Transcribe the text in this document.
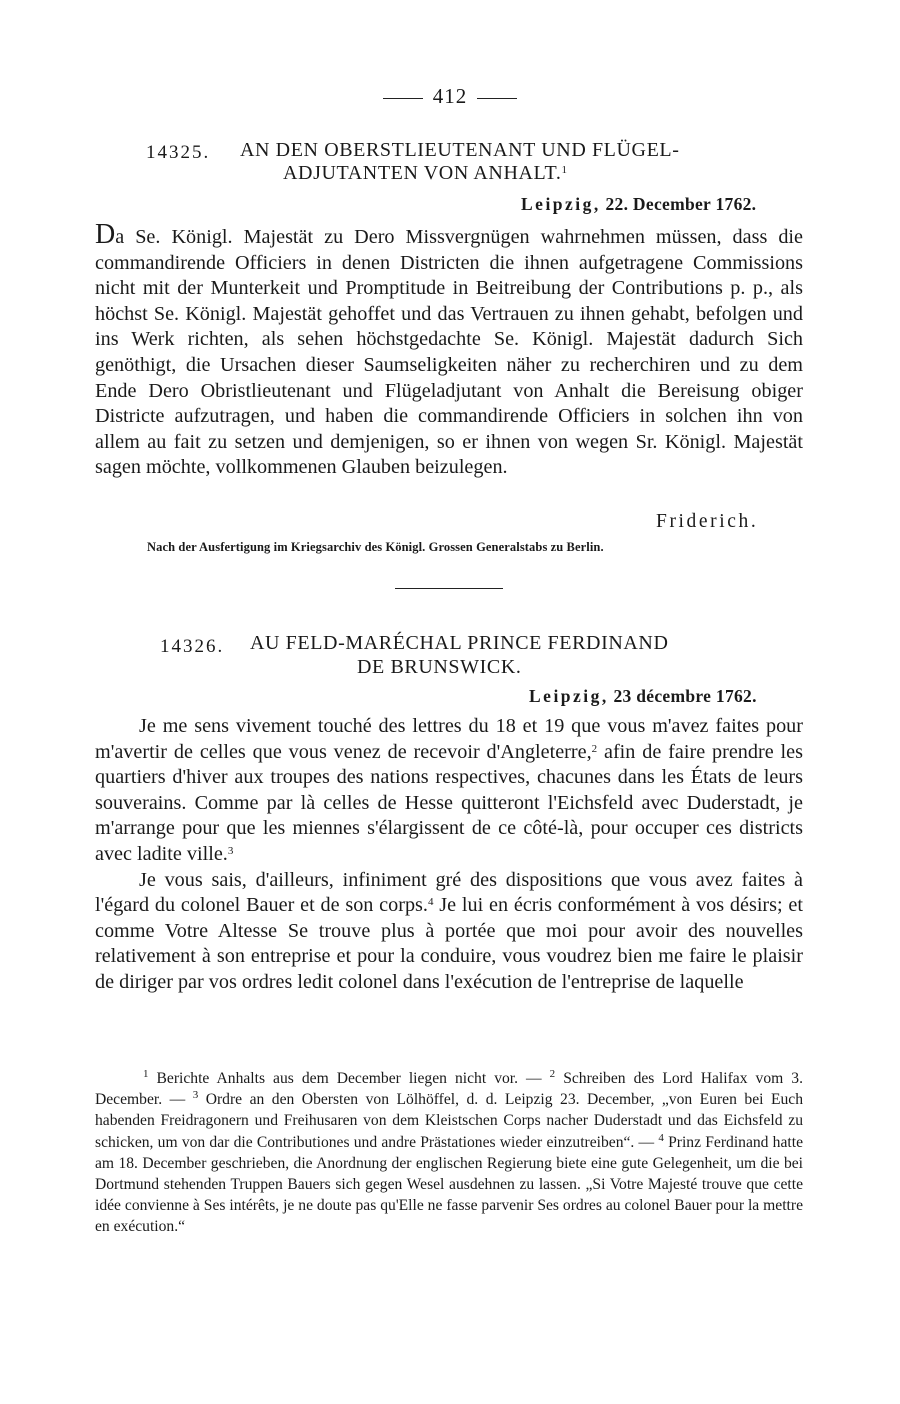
412
14325. AN DEN OBERSTLIEUTENANT UND FLÜGEL-
ADJUTANTEN VON ANHALT.$^1$
Leipzig, 22. December 1762.

Da Se. Königl. Majestät zu Dero Missvergnügen wahrnehmen müssen, dass die commandirende Officiers in denen Districten die ihnen aufgetragene Commissions nicht mit der Munterkeit und Promptitude in Beitreibung der Contributions p. p., als höchst Se. Königl. Majestät gehoffet und das Vertrauen zu ihnen gehabt, befolgen und ins Werk richten, als sehen höchstgedachte Se. Königl. Majestät dadurch Sich genöthigt, die Ursachen dieser Saumseligkeiten näher zu recherchiren und zu dem Ende Dero Obristlieutenant und Flügeladjutant von Anhalt die Bereisung obiger Districte aufzutragen, und haben die commandirende Officiers in solchen ihn von allem au fait zu setzen und demjenigen, so er ihnen von wegen Sr. Königl. Majestät sagen möchte, vollkommenen Glauben beizulegen.

Friderich.
Nach der Ausfertigung im Kriegsarchiv des Königl. Grossen Generalstabs zu Berlin.
14326. AU FELD-MARÉCHAL PRINCE FERDINAND
DE BRUNSWICK.
Leipzig, 23 décembre 1762.

Je me sens vivement touché des lettres du 18 et 19 que vous m'avez faites pour m'avertir de celles que vous venez de recevoir d'Angleterre,$^2$ afin de faire prendre les quartiers d'hiver aux troupes des nations respectives, chacunes dans les États de leurs souverains. Comme par là celles de Hesse quitteront l'Eichsfeld avec Duderstadt, je m'arrange pour que les miennes s'élargissent de ce côté-là, pour occuper ces districts avec ladite ville.$^3$

Je vous sais, d'ailleurs, infiniment gré des dispositions que vous avez faites à l'égard du colonel Bauer et de son corps.$^4$ Je lui en écris conformément à vos désirs; et comme Votre Altesse Se trouve plus à portée que moi pour avoir des nouvelles relativement à son entreprise et pour la conduire, vous voudrez bien me faire le plaisir de diriger par vos ordres ledit colonel dans l'exécution de l'entreprise de laquelle

$^1$ Berichte Anhalts aus dem December liegen nicht vor. — $^2$ Schreiben des Lord Halifax vom 3. December. — $^3$ Ordre an den Obersten von Lölhöffel, d. d. Leipzig 23. December, „von Euren bei Euch habenden Freidragonern und Freihusaren von dem Kleistschen Corps nacher Duderstadt und das Eichsfeld zu schicken, um von dar die Contributiones und andre Prästationes wieder einzutreiben“. — $^4$ Prinz Ferdinand hatte am 18. December geschrieben, die Anordnung der englischen Regierung biete eine gute Gelegenheit, um die bei Dortmund stehenden Truppen Bauers sich gegen Wesel ausdehnen zu lassen. „Si Votre Majesté trouve que cette idée convienne à Ses intérêts, je ne doute pas qu'Elle ne fasse parvenir Ses ordres au colonel Bauer pour la mettre en exécution.“
